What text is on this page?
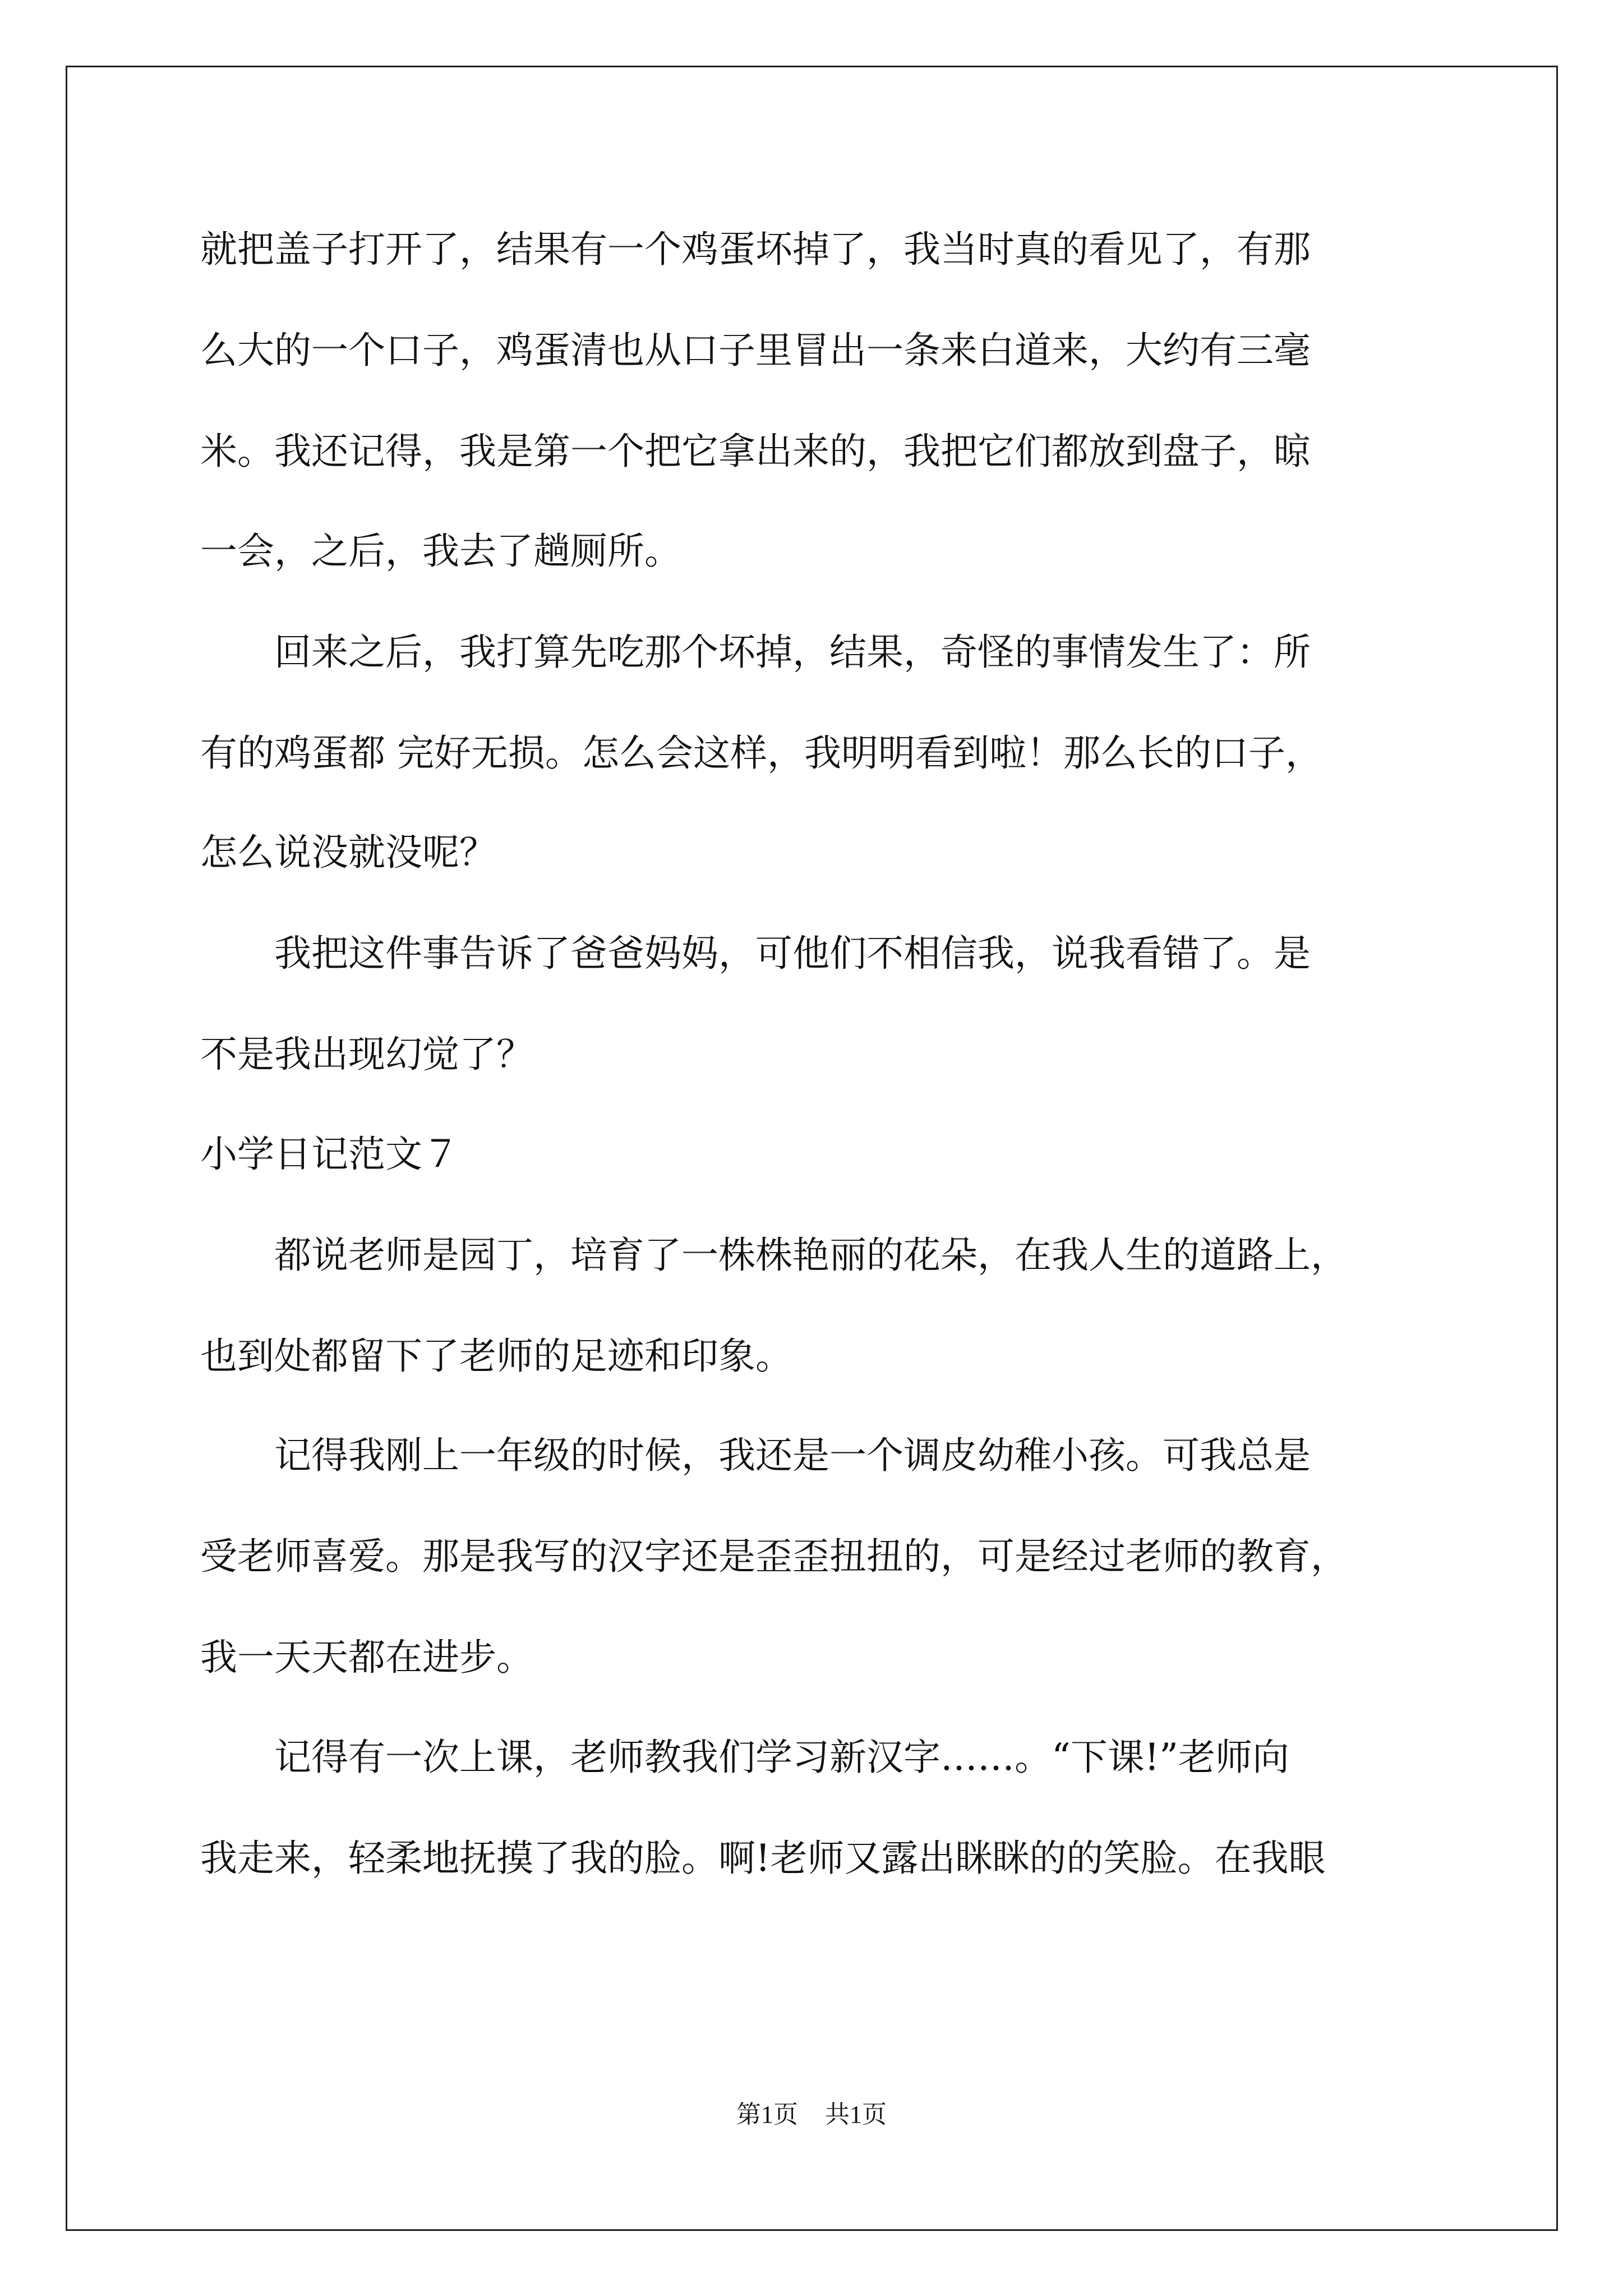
就把盖子打开了，结果有一个鸡蛋坏掉了，我当时真的看见了，有那
么大的一个口子，鸡蛋清也从口子里冒出一条来白道来，大约有三毫
米。我还记得，我是第一个把它拿出来的，我把它们都放到盘子，晾
一会，之后，我去了趟厕所。
　　回来之后，我打算先吃那个坏掉，结果，奇怪的事情发生了：所
有的鸡蛋都 完好无损。怎么会这样，我明明看到啦！那么长的口子，
怎么说没就没呢？
　　我把这件事告诉了爸爸妈妈，可他们不相信我，说我看错了。是
不是我出现幻觉了？
小学日记范文７
　　都说老师是园丁，培育了一株株艳丽的花朵，在我人生的道路上，
也到处都留下了老师的足迹和印象。
　　记得我刚上一年级的时候，我还是一个调皮幼稚小孩。可我总是
受老师喜爱。那是我写的汉字还是歪歪扭扭的，可是经过老师的教育，
我一天天都在进步。
　　记得有一次上课，老师教我们学习新汉字……。“下课!”老师向
我走来，轻柔地抚摸了我的脸。啊!老师又露出眯眯的的笑脸。在我眼
第1页 共1页
